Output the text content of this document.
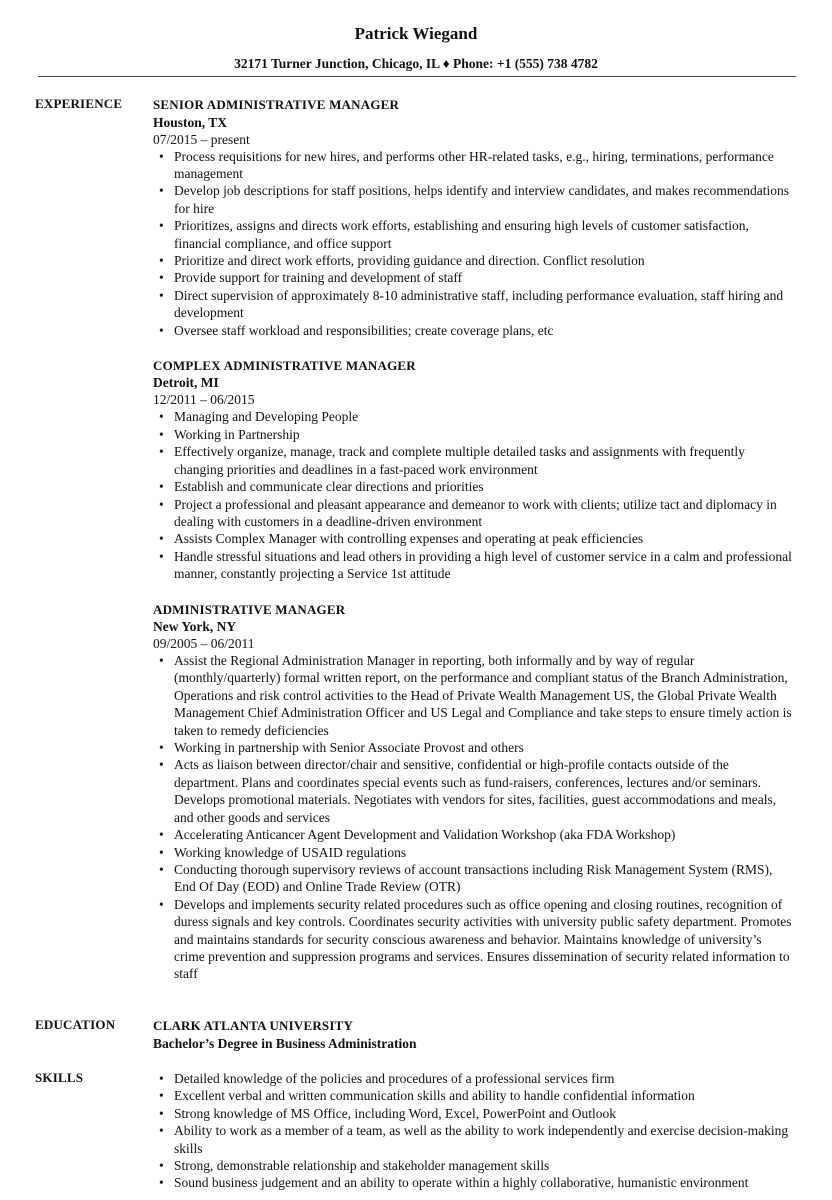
Patrick Wiegand
32171 Turner Junction, Chicago, IL ♦ Phone: +1 (555) 738 4782
EXPERIENCE SENIOR ADMINISTRATIVE MANAGER
Houston, TX
07/2015 – present
• Process requisitions for new hires, and performs other HR-related tasks, e.g., hiring, terminations, performance management
• Develop job descriptions for staff positions, helps identify and interview candidates, and makes recommendations for hire
• Prioritizes, assigns and directs work efforts, establishing and ensuring high levels of customer satisfaction, financial compliance, and office support
• Prioritize and direct work efforts, providing guidance and direction. Conflict resolution
• Provide support for training and development of staff
• Direct supervision of approximately 8-10 administrative staff, including performance evaluation, staff hiring and development
• Oversee staff workload and responsibilities; create coverage plans, etc
COMPLEX ADMINISTRATIVE MANAGER
Detroit, MI
12/2011 – 06/2015
• Managing and Developing People
• Working in Partnership
• Effectively organize, manage, track and complete multiple detailed tasks and assignments with frequently changing priorities and deadlines in a fast-paced work environment
• Establish and communicate clear directions and priorities
• Project a professional and pleasant appearance and demeanor to work with clients; utilize tact and diplomacy in dealing with customers in a deadline-driven environment
• Assists Complex Manager with controlling expenses and operating at peak efficiencies
• Handle stressful situations and lead others in providing a high level of customer service in a calm and professional manner, constantly projecting a Service 1st attitude
ADMINISTRATIVE MANAGER
New York, NY
09/2005 – 06/2011
• Assist the Regional Administration Manager in reporting, both informally and by way of regular (monthly/quarterly) formal written report, on the performance and compliant status of the Branch Administration, Operations and risk control activities to the Head of Private Wealth Management US, the Global Private Wealth Management Chief Administration Officer and US Legal and Compliance and take steps to ensure timely action is taken to remedy deficiencies
• Working in partnership with Senior Associate Provost and others
• Acts as liaison between director/chair and sensitive, confidential or high-profile contacts outside of the department. Plans and coordinates special events such as fund-raisers, conferences, lectures and/or seminars. Develops promotional materials. Negotiates with vendors for sites, facilities, guest accommodations and meals, and other goods and services
• Accelerating Anticancer Agent Development and Validation Workshop (aka FDA Workshop)
• Working knowledge of USAID regulations
• Conducting thorough supervisory reviews of account transactions including Risk Management System (RMS), End Of Day (EOD) and Online Trade Review (OTR)
• Develops and implements security related procedures such as office opening and closing routines, recognition of duress signals and key controls. Coordinates security activities with university public safety department. Promotes and maintains standards for security conscious awareness and behavior. Maintains knowledge of university’s crime prevention and suppression programs and services. Ensures dissemination of security related information to staff
EDUCATION	CLARK ATLANTA UNIVERSITY
Bachelor’s Degree in Business Administration
SKILLS	• Detailed knowledge of the policies and procedures of a professional services firm
• Excellent verbal and written communication skills and ability to handle confidential information
• Strong knowledge of MS Office, including Word, Excel, PowerPoint and Outlook
• Ability to work as a member of a team, as well as the ability to work independently and exercise decision-making skills
• Strong, demonstrable relationship and stakeholder management skills
• Sound business judgement and an ability to operate within a highly collaborative, humanistic environment
